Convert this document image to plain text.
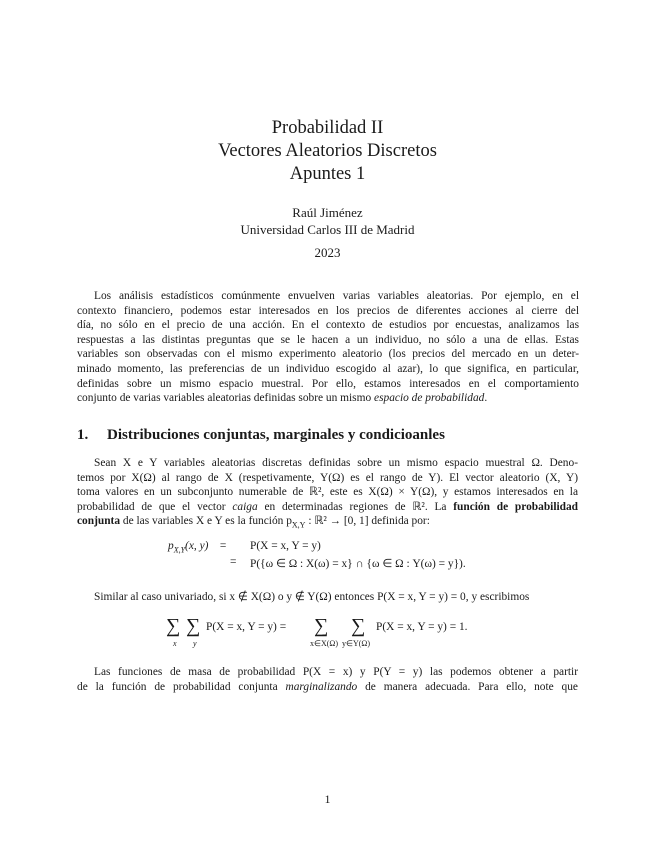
Probabilidad II
Vectores Aleatorios Discretos
Apuntes 1
Raúl Jiménez
Universidad Carlos III de Madrid
2023
Los análisis estadísticos comúnmente envuelven varias variables aleatorias. Por ejemplo, en el
contexto financiero, podemos estar interesados en los precios de diferentes acciones al cierre del
día, no sólo en el precio de una acción. En el contexto de estudios por encuestas, analizamos las
respuestas a las distintas preguntas que se le hacen a un individuo, no sólo a una de ellas. Estas
variables son observadas con el mismo experimento aleatorio (los precios del mercado en un deter-
minado momento, las preferencias de un individuo escogido al azar), lo que significa, en particular,
definidas sobre un mismo espacio muestral. Por ello, estamos interesados en el comportamiento
conjunto de varias variables aleatorias definidas sobre un mismo espacio de probabilidad.
1. Distribuciones conjuntas, marginales y condicioanles
Sean X e Y variables aleatorias discretas definidas sobre un mismo espacio muestral Ω. Deno-
temos por X(Ω) al rango de X (respetivamente, Y(Ω) es el rango de Y). El vector aleatorio (X, Y)
toma valores en un subconjunto numerable de ℝ², este es X(Ω) × Y(Ω), y estamos interesados en la
probabilidad de que el vector caiga en determinadas regiones de ℝ². La función de probabilidad
conjunta de las variables X e Y es la función $p_{X,Y}$ : ℝ² → [0, 1] definida por:
$p_{X,Y}(x$, y) = P(X = x, Y = y)
= P({ω ∈ Ω : X(ω) = x} ∩ {ω ∈ Ω : Y(ω) = y}).
Similar al caso univariado, si x ∉ X(Ω) o y ∉ Y(Ω) entonces P(X = x, Y = y) = 0, y escribimos
∑ ∑
x y
P(X = x, Y = y) = ∑ ∑
x∈X(Ω) y∈Y(Ω)
P(X = x, Y = y) = 1.
Las funciones de masa de probabilidad P(X = x) y P(Y = y) las podemos obtener a partir
de la función de probabilidad conjunta marginalizando de manera adecuada. Para ello, note que
1
